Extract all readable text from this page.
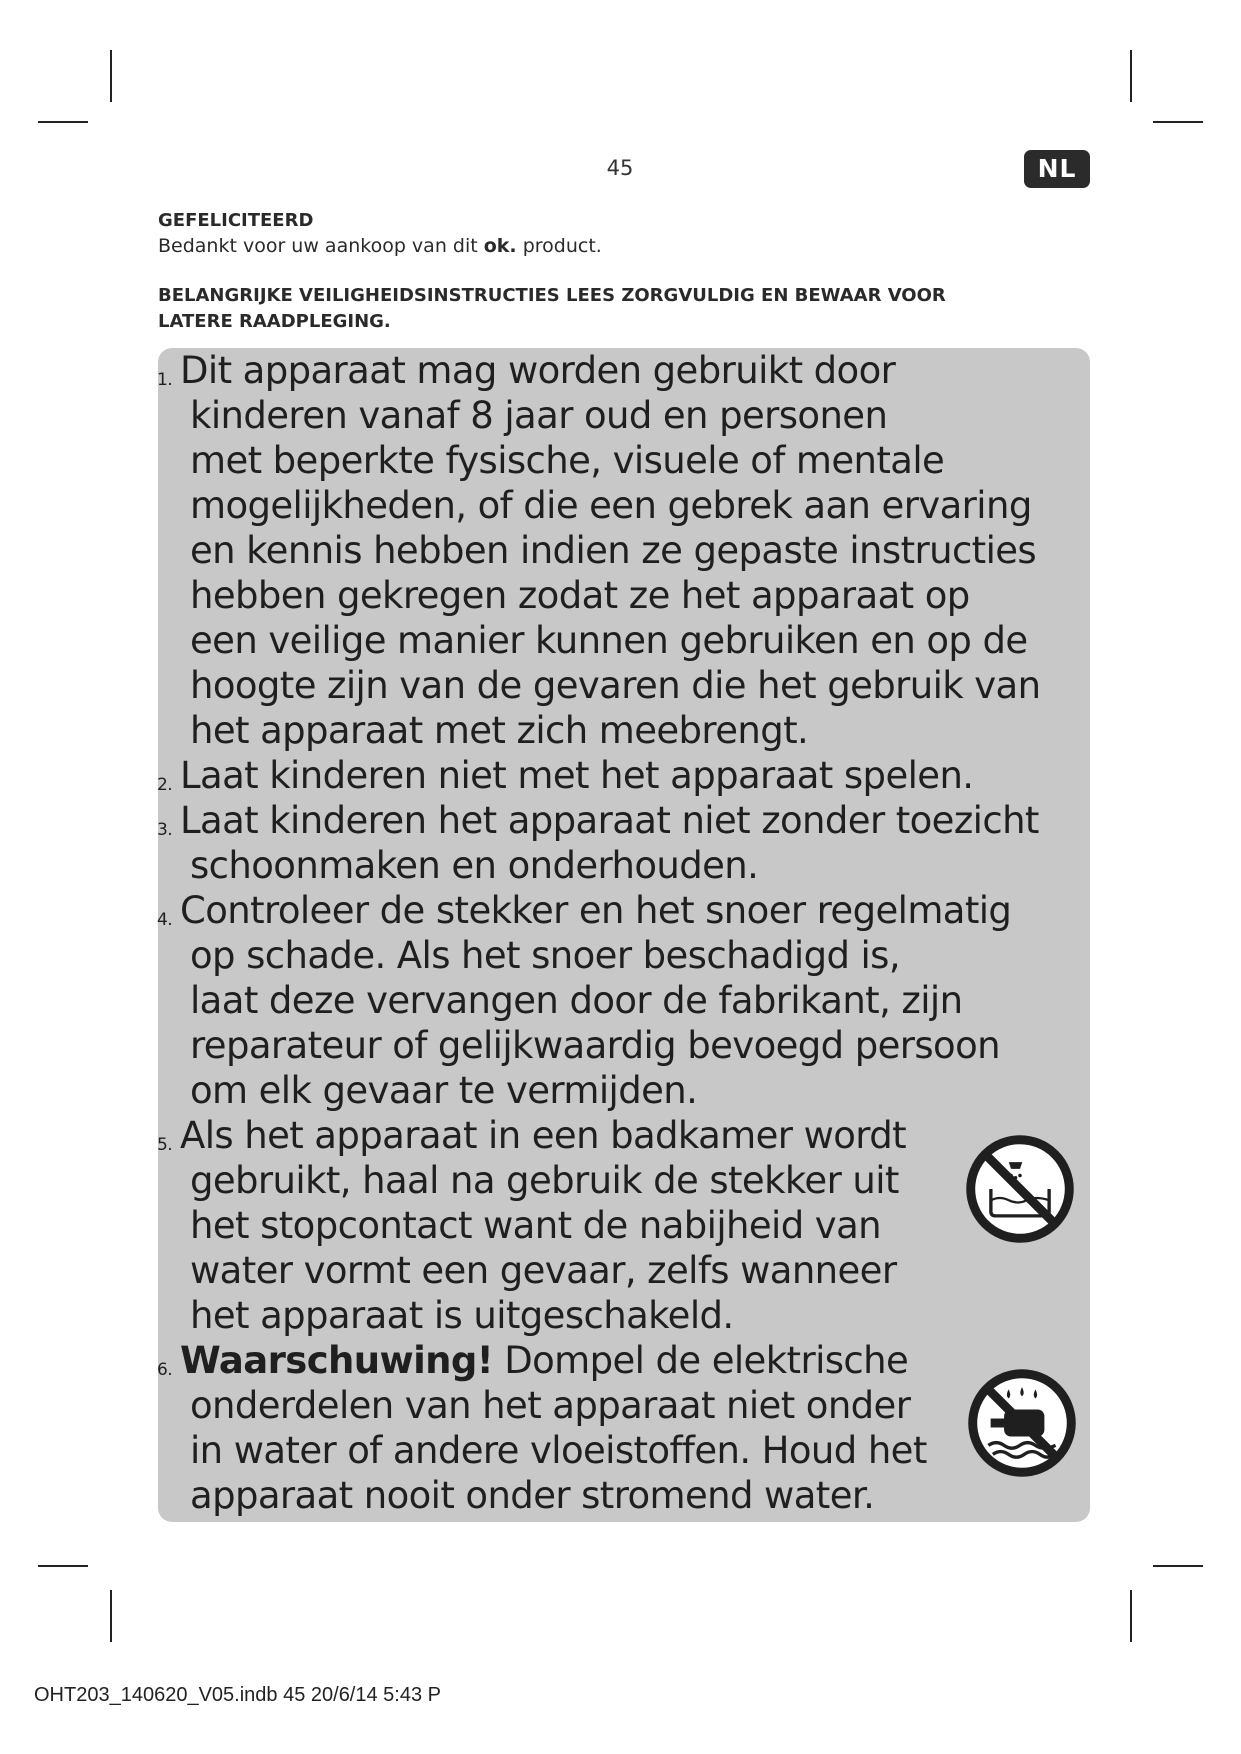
45	NL
GEFELICITEERD
Bedankt voor uw aankoop van dit ok. product.
BELANGRIJKE VEILIGHEIDSINSTRUCTIES LEES ZORGVULDIG EN BEWAAR VOOR
LATERE RAADPLEGING.
1. Dit apparaat mag worden gebruikt door
kinderen vanaf 8 jaar oud en personen
met beperkte fysische, visuele of mentale
mogelijkheden, of die een gebrek aan ervaring
en kennis hebben indien ze gepaste instructies
hebben gekregen zodat ze het apparaat op
een veilige manier kunnen gebruiken en op de
hoogte zijn van de gevaren die het gebruik van
het apparaat met zich meebrengt.
2. Laat kinderen niet met het apparaat spelen.
3. Laat kinderen het apparaat niet zonder toezicht
schoonmaken en onderhouden.
4. Controleer de stekker en het snoer regelmatig
op schade. Als het snoer beschadigd is,
laat deze vervangen door de fabrikant, zijn
reparateur of gelijkwaardig bevoegd persoon
om elk gevaar te vermijden.
5. Als het apparaat in een badkamer wordt
gebruikt, haal na gebruik de stekker uit
het stopcontact want de nabijheid van
water vormt een gevaar, zelfs wanneer
het apparaat is uitgeschakeld.
6. Waarschuwing! Dompel de elektrische
onderdelen van het apparaat niet onder
in water of andere vloeistoffen. Houd het
apparaat nooit onder stromend water.
OHT203_140620_V05.indb 45 20/6/14 5:43 P
